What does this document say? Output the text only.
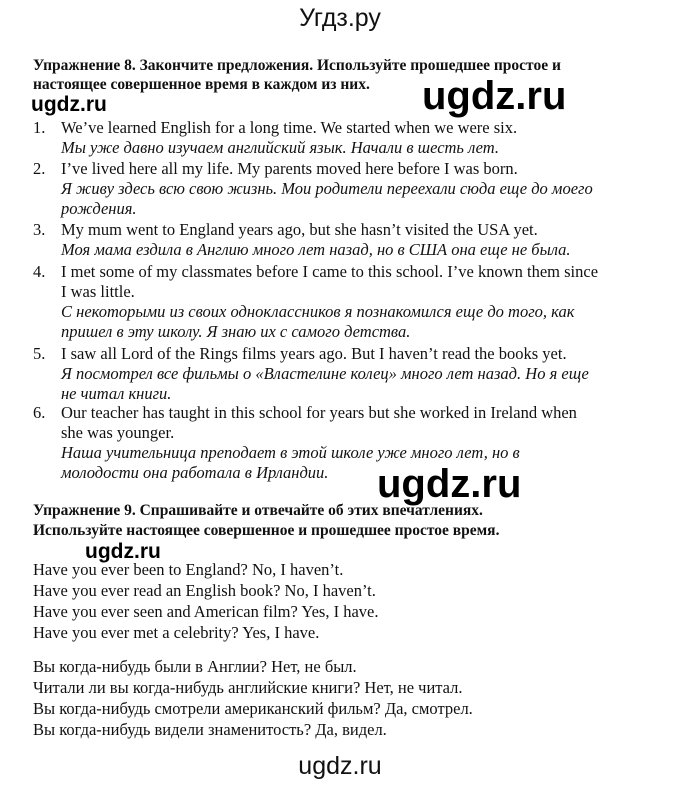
Угдз.ру
Упражнение 8. Закончите предложения. Используйте прошедшее простое и
настоящее совершенное время в каждом из них.
ugdz.ru	ugdz.ru
ugdz.ru
ugdz.ru
1. We’ve learned English for a long time. We started when we were six.
Мы уже давно изучаем английский язык. Начали в шесть лет.
2. I’ve lived here all my life. My parents moved here before I was born.
Я живу здесь всю свою жизнь. Мои родители переехали сюда еще до моего
рождения.
3. My mum went to England years ago, but she hasn’t visited the USA yet.
Моя мама ездила в Англию много лет назад, но в США она еще не была.
4. I met some of my classmates before I came to this school. I’ve known them since
I was little.
С некоторыми из своих одноклассников я познакомился еще до того, как
пришел в эту школу. Я знаю их с самого детства.
5. I saw all Lord of the Rings films years ago. But I haven’t read the books yet.
Я посмотрел все фильмы о «Властелине колец» много лет назад. Но я еще
не читал книги.
6. Our teacher has taught in this school for years but she worked in Ireland when
she was younger.
Наша учительница преподает в этой школе уже много лет, но в
молодости она работала в Ирландии.
Упражнение 9. Спрашивайте и отвечайте об этих впечатлениях.
Используйте настоящее совершенное и прошедшее простое время.
Have you ever been to England? No, I haven’t.
Have you ever read an English book? No, I haven’t.
Have you ever seen and American film? Yes, I have.
Have you ever met a celebrity? Yes, I have.
Вы когда-нибудь были в Англии? Нет, не был.
Читали ли вы когда-нибудь английские книги? Нет, не читал.
Вы когда-нибудь смотрели американский фильм? Да, смотрел.
Вы когда-нибудь видели знаменитость? Да, видел.
ugdz.ru
